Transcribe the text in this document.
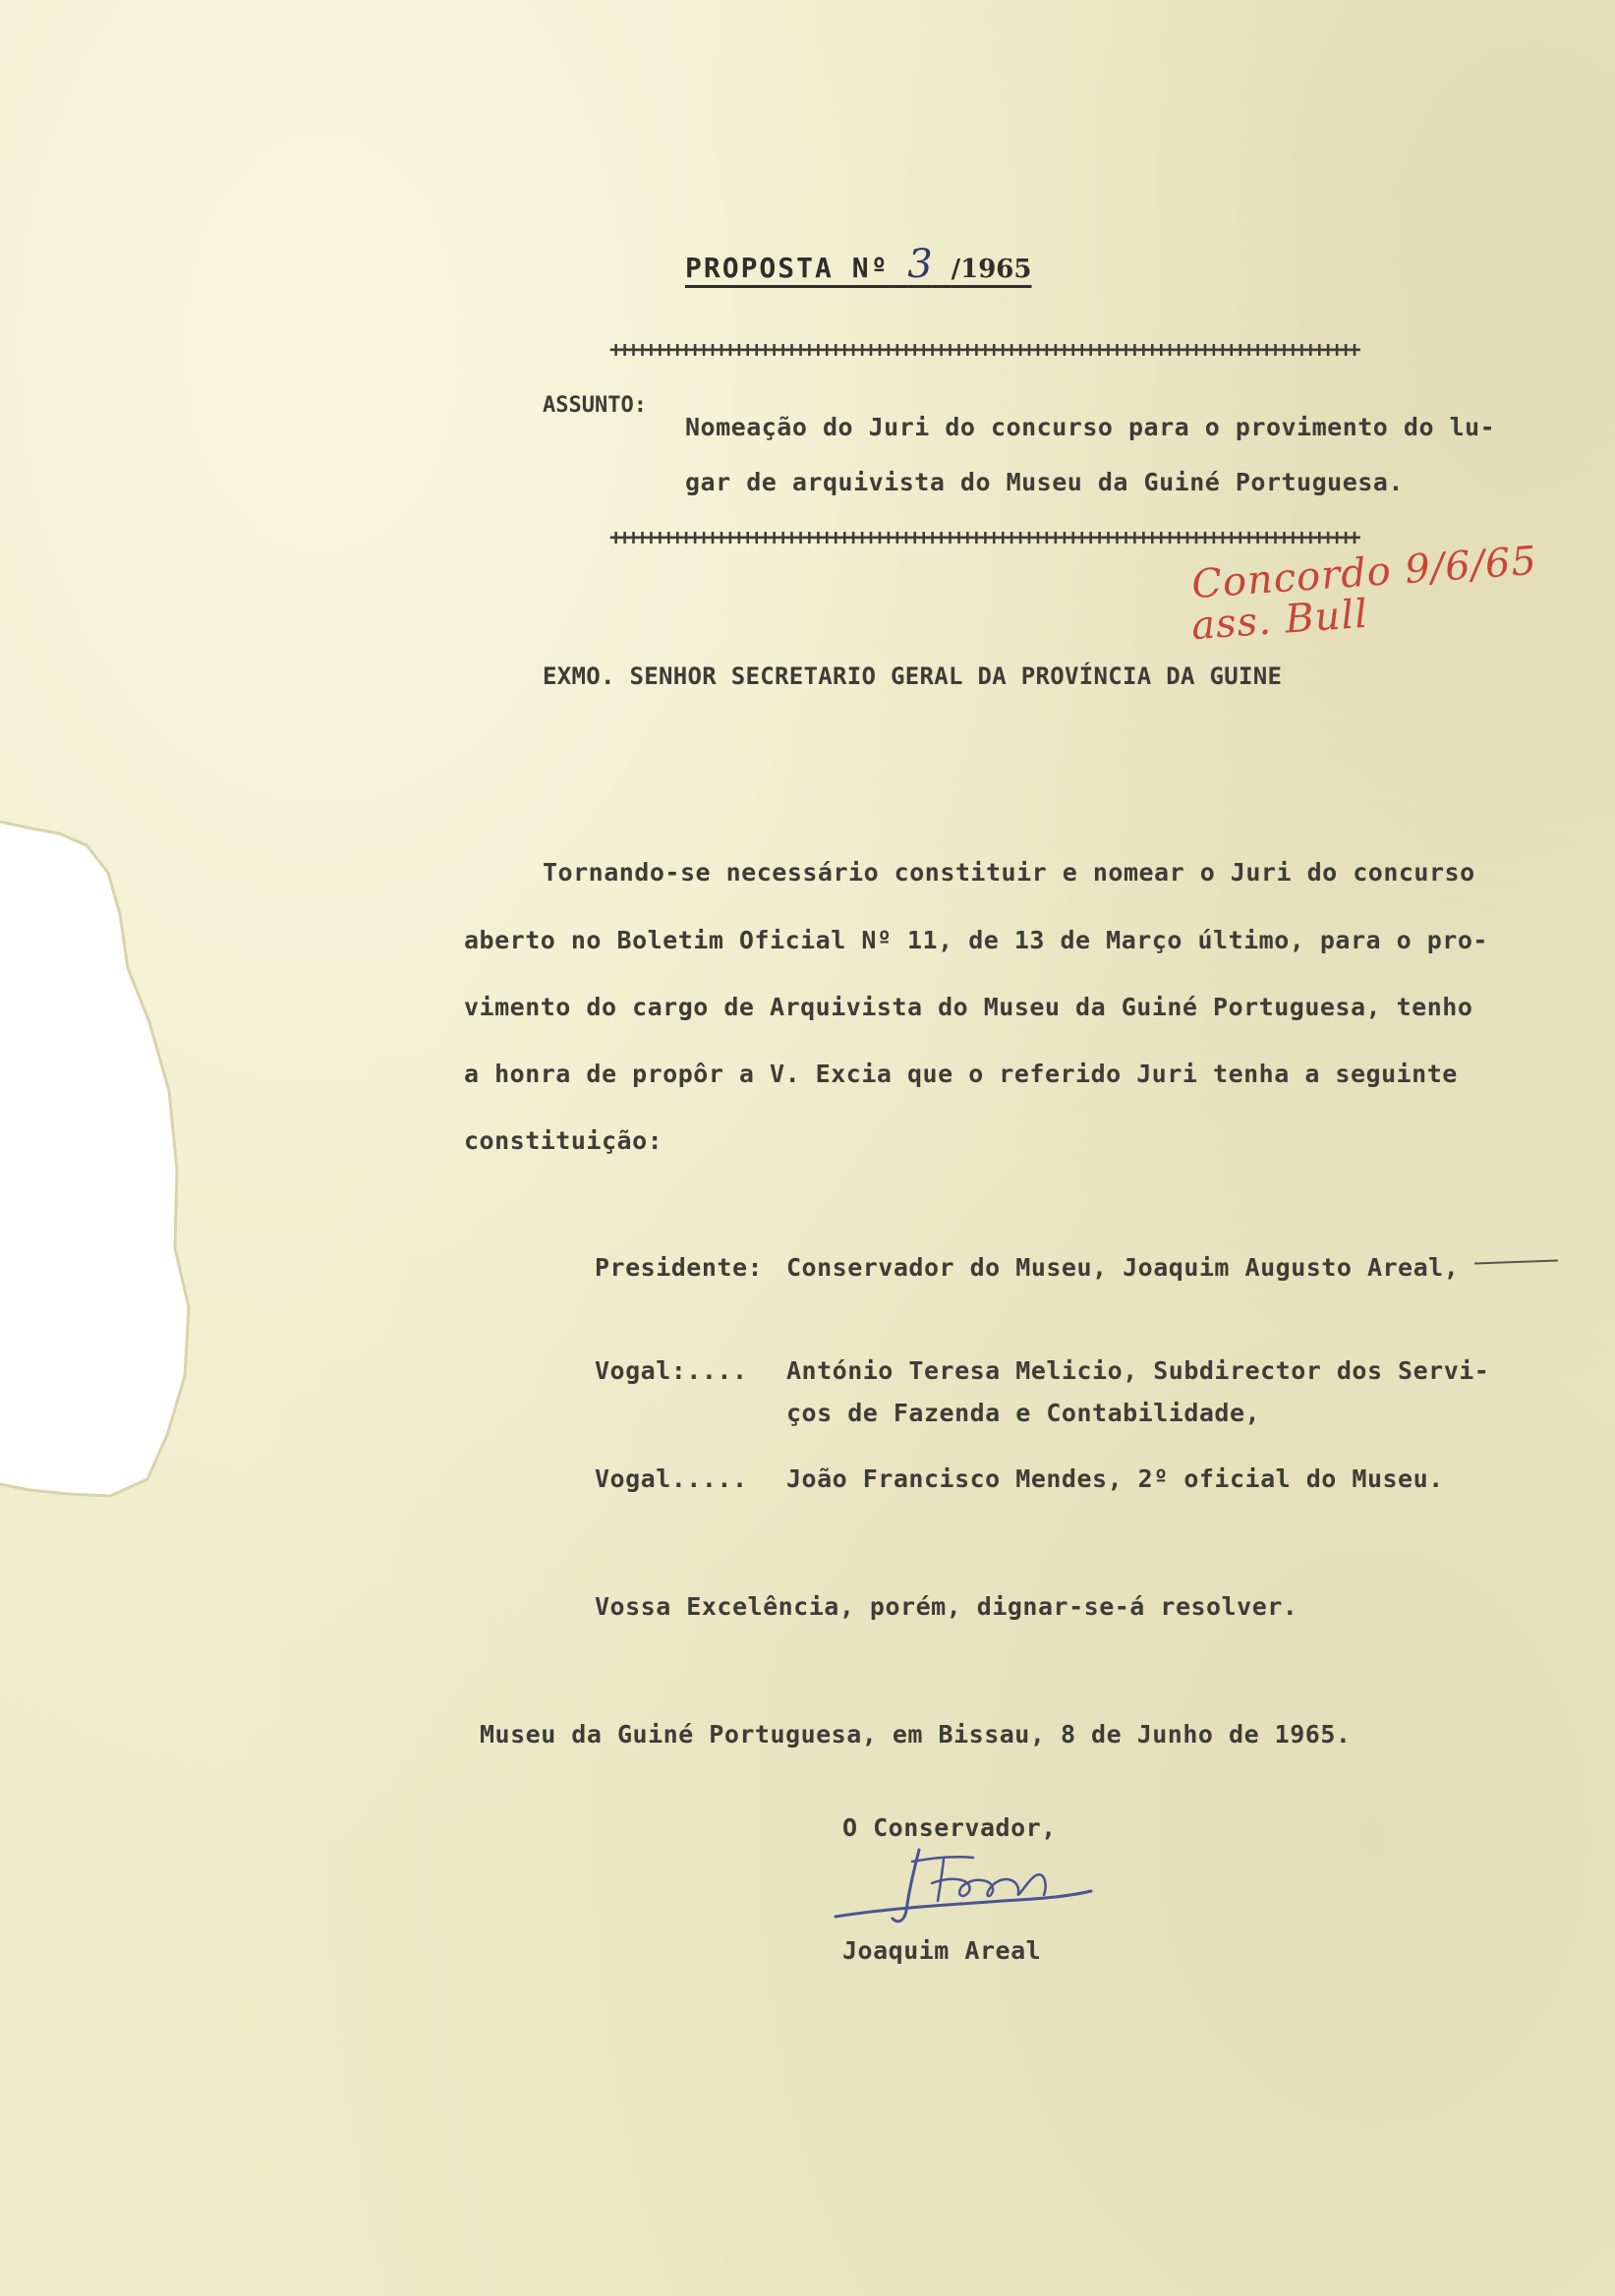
PROPOSTA Nº 3 /1965
+++++++++++++++++++++++++++++++++++++++++++++++++++++++++++++++++++++++++++++++++++++
ASSUNTO:
Nomeação do Juri do concurso para o provimento do lu-
gar de arquivista do Museu da Guiné Portuguesa.
+++++++++++++++++++++++++++++++++++++++++++++++++++++++++++++++++++++++++++++++++++++
Concordo 9/6/65
ass. Bull
EXMO. SENHOR SECRETARIO GERAL DA PROVÍNCIA DA GUINE
Tornando-se necessário constituir e nomear o Juri do concurso
aberto no Boletim Oficial Nº 11, de 13 de Março último, para o pro-
vimento do cargo de Arquivista do Museu da Guiné Portuguesa, tenho
a honra de propôr a V. Excia que o referido Juri tenha a seguinte
constituição:
Presidente: Conservador do Museu, Joaquim Augusto Areal,
Vogal:.... António Teresa Melicio, Subdirector dos Servi-
ços de Fazenda e Contabilidade,
Vogal..... João Francisco Mendes, 2º oficial do Museu.
Vossa Excelência, porém, dignar-se-á resolver.
Museu da Guiné Portuguesa, em Bissau, 8 de Junho de 1965.
O Conservador,
Joaquim Areal
